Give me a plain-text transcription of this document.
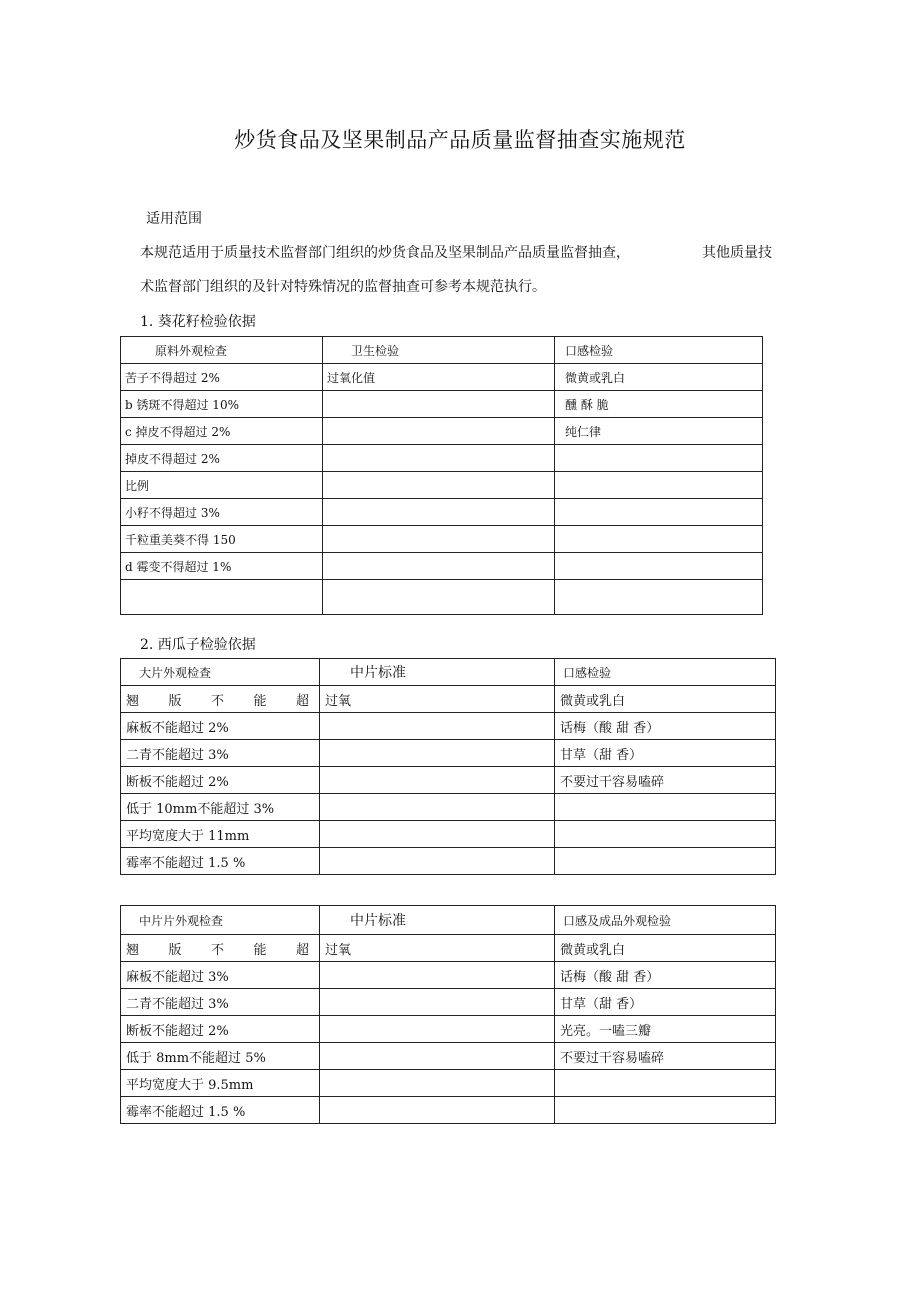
炒货食品及坚果制品产品质量监督抽查实施规范
适用范围
本规范适用于质量技术监督部门组织的炒货食品及坚果制品产品质量监督抽查，	其他质量技
术监督部门组织的及针对特殊情况的监督抽查可参考本规范执行。
1. 葵花籽检验依据
原料外观检查	卫生检验	口感检验
苦子不得超过 2%	过氧化值	微黄或乳白
b 锈斑不得超过 10%		醺 酥 脆
c 掉皮不得超过 2%		纯仁律
掉皮不得超过 2%		
比例		
小籽不得超过 3%		
千粒重美葵不得 150		
d 霉变不得超过 1%		

2. 西瓜子检验依据
大片外观检查	中片标准	口感检验

翘 版 不 能 超	过氧	微黄或乳白
麻板不能超过 2%		话梅（酸 甜 香）
二青不能超过 3%		甘草（甜 香）
断板不能超过 2%		不要过干容易嗑碎
低于 10mm不能超过 3%		
平均宽度大于 11mm		
霉率不能超过 1.5 %		
中片片外观检查	中片标准	口感及成品外观检验

翘 版 不 能 超	过氧	微黄或乳白
麻板不能超过 3%		话梅（酸 甜 香）
二青不能超过 3%		甘草（甜 香）
断板不能超过 2%		光亮。一嗑三瓣
低于 8mm不能超过 5%		不要过干容易嗑碎
平均宽度大于 9.5mm		
霉率不能超过 1.5 %		
